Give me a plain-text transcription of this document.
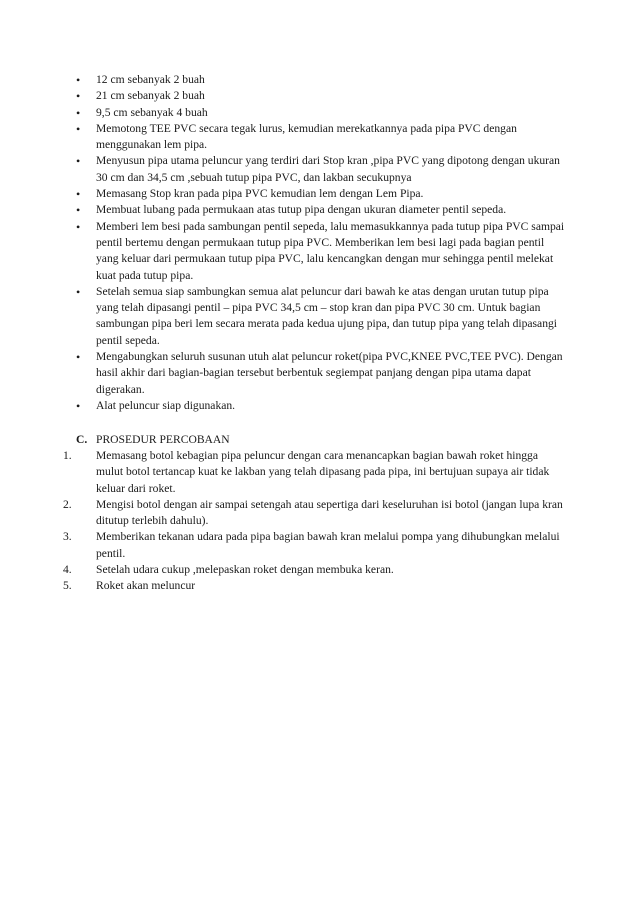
• 12 cm sebanyak 2 buah
• 21 cm sebanyak 2 buah
• 9,5 cm sebanyak 4 buah
• Memotong TEE PVC secara tegak lurus, kemudian merekatkannya pada pipa PVC dengan menggunakan lem pipa.
• Menyusun pipa utama peluncur yang terdiri dari Stop kran ,pipa PVC yang dipotong dengan ukuran 30 cm dan 34,5 cm ,sebuah tutup pipa PVC, dan lakban secukupnya
• Memasang Stop kran pada pipa PVC kemudian lem dengan Lem Pipa.
• Membuat lubang pada permukaan atas tutup pipa dengan ukuran diameter pentil sepeda.
• Memberi lem besi pada sambungan pentil sepeda, lalu memasukkannya pada tutup pipa PVC sampai pentil bertemu dengan permukaan tutup pipa PVC. Memberikan lem besi lagi pada bagian pentil yang keluar dari permukaan tutup pipa PVC, lalu kencangkan dengan mur sehingga pentil melekat kuat pada tutup pipa.
• Setelah semua siap sambungkan semua alat peluncur dari bawah ke atas dengan urutan tutup pipa yang telah dipasangi pentil – pipa PVC 34,5 cm – stop kran dan pipa PVC 30 cm. Untuk bagian sambungan pipa beri lem secara merata pada kedua ujung pipa, dan tutup pipa yang telah dipasangi pentil sepeda.
• Mengabungkan seluruh susunan utuh alat peluncur roket(pipa PVC,KNEE PVC,TEE PVC). Dengan hasil akhir dari bagian-bagian tersebut berbentuk segiempat panjang dengan pipa utama dapat digerakan.
• Alat peluncur siap digunakan.
C. PROSEDUR PERCOBAAN
1. Memasang botol kebagian pipa peluncur dengan cara menancapkan bagian bawah roket hingga mulut botol tertancap kuat ke lakban yang telah dipasang pada pipa, ini bertujuan supaya air tidak keluar dari roket.
2. Mengisi botol dengan air sampai setengah atau sepertiga dari keseluruhan isi botol (jangan lupa kran ditutup terlebih dahulu).
3. Memberikan tekanan udara pada pipa bagian bawah kran melalui pompa yang dihubungkan melalui pentil.
4. Setelah udara cukup ,melepaskan roket dengan membuka keran.
5. Roket akan meluncur
